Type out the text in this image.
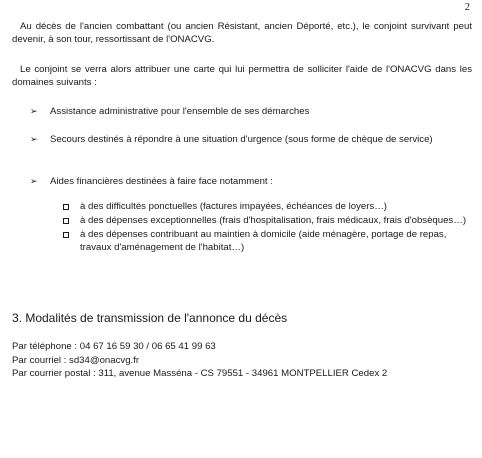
2

Au décès de l'ancien combattant (ou ancien Résistant, ancien Déporté, etc.), le conjoint survivant peut devenir, à son tour, ressortissant de l'ONACVG.

Le conjoint se verra alors attribuer une carte qui lui permettra de solliciter l'aide de l'ONACVG dans les domaines suivants :

➢	Assistance administrative pour l'ensemble de ses démarches
➢	Secours destinés à répondre à une situation d'urgence (sous forme de chèque de service)
➢	Aides financières destinées à faire face notamment :
à des difficultés ponctuelles (factures impayées, échéances de loyers…)
à des dépenses exceptionnelles (frais d'hospitalisation, frais médicaux, frais d'obsèques…)
à des dépenses contribuant au maintien à domicile (aide ménagère, portage de repas, travaux d'aménagement de l'habitat…)
3. Modalités de transmission de l'annonce du décès
Par téléphone : 04 67 16 59 30 / 06 65 41 99 63
Par courriel : sd34@onacvg.fr
Par courrier postal : 311, avenue Masséna - CS 79551 - 34961 MONTPELLIER Cedex 2
